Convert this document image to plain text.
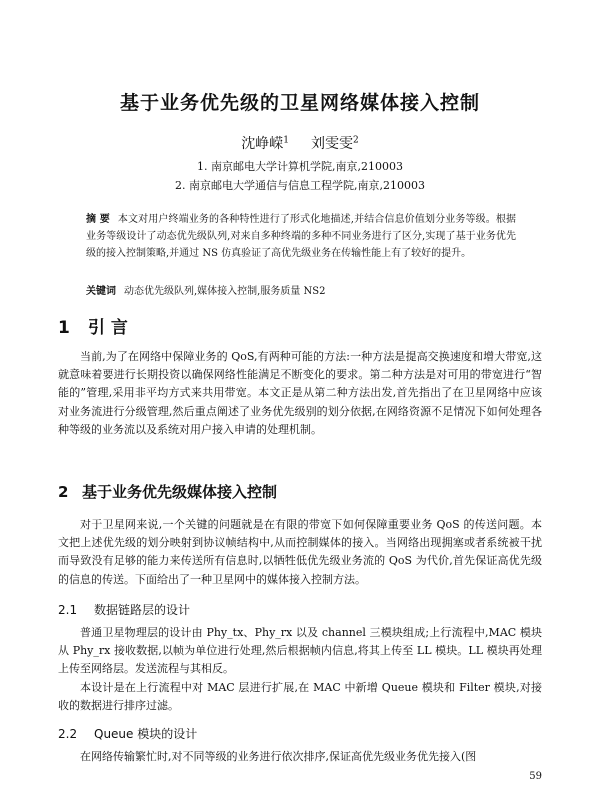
基于业务优先级的卫星网络媒体接入控制
沈峥嵘$^1$ 刘雯雯$^2$
1. 南京邮电大学计算机学院,南京,210003
2. 南京邮电大学通信与信息工程学院,南京,210003
摘 要 本文对用户终端业务的各种特性进行了形式化地描述,并结合信息价值划分业务等级。根据业务等级设计了动态优先级队列,对来自多种终端的多种不同业务进行了区分,实现了基于业务优先级的接入控制策略,并通过 NS 仿真验证了高优先级业务在传输性能上有了较好的提升。
关键词 动态优先级队列,媒体接入控制,服务质量 NS2
1 引 言

当前,为了在网络中保障业务的 QoS,有两种可能的方法:一种方法是提高交换速度和增大带宽,这就意味着要进行长期投资以确保网络性能满足不断变化的要求。第二种方法是对可用的带宽进行“智能的”管理,采用非平均方式来共用带宽。本文正是从第二种方法出发,首先指出了在卫星网络中应该对业务流进行分级管理,然后重点阐述了业务优先级别的划分依据,在网络资源不足情况下如何处理各种等级的业务流以及系统对用户接入申请的处理机制。

2 基于业务优先级媒体接入控制

对于卫星网来说,一个关键的问题就是在有限的带宽下如何保障重要业务 QoS 的传送问题。本文把上述优先级的划分映射到协议帧结构中,从而控制媒体的接入。当网络出现拥塞或者系统被干扰而导致没有足够的能力来传送所有信息时,以牺牲低优先级业务流的 QoS 为代价,首先保证高优先级的信息的传送。下面给出了一种卫星网中的媒体接入控制方法。

2.1 数据链路层的设计

普通卫星物理层的设计由 Phy_tx、Phy_rx 以及 channel 三模块组成;上行流程中,MAC 模块从 Phy_rx 接收数据,以帧为单位进行处理,然后根据帧内信息,将其上传至 LL 模块。LL 模块再处理上传至网络层。发送流程与其相反。

本设计是在上行流程中对 MAC 层进行扩展,在 MAC 中新增 Queue 模块和 Filter 模块,对接收的数据进行排序过滤。

2.2 Queue 模块的设计

在网络传输繁忙时,对不同等级的业务进行依次排序,保证高优先级业务优先接入(图

59
